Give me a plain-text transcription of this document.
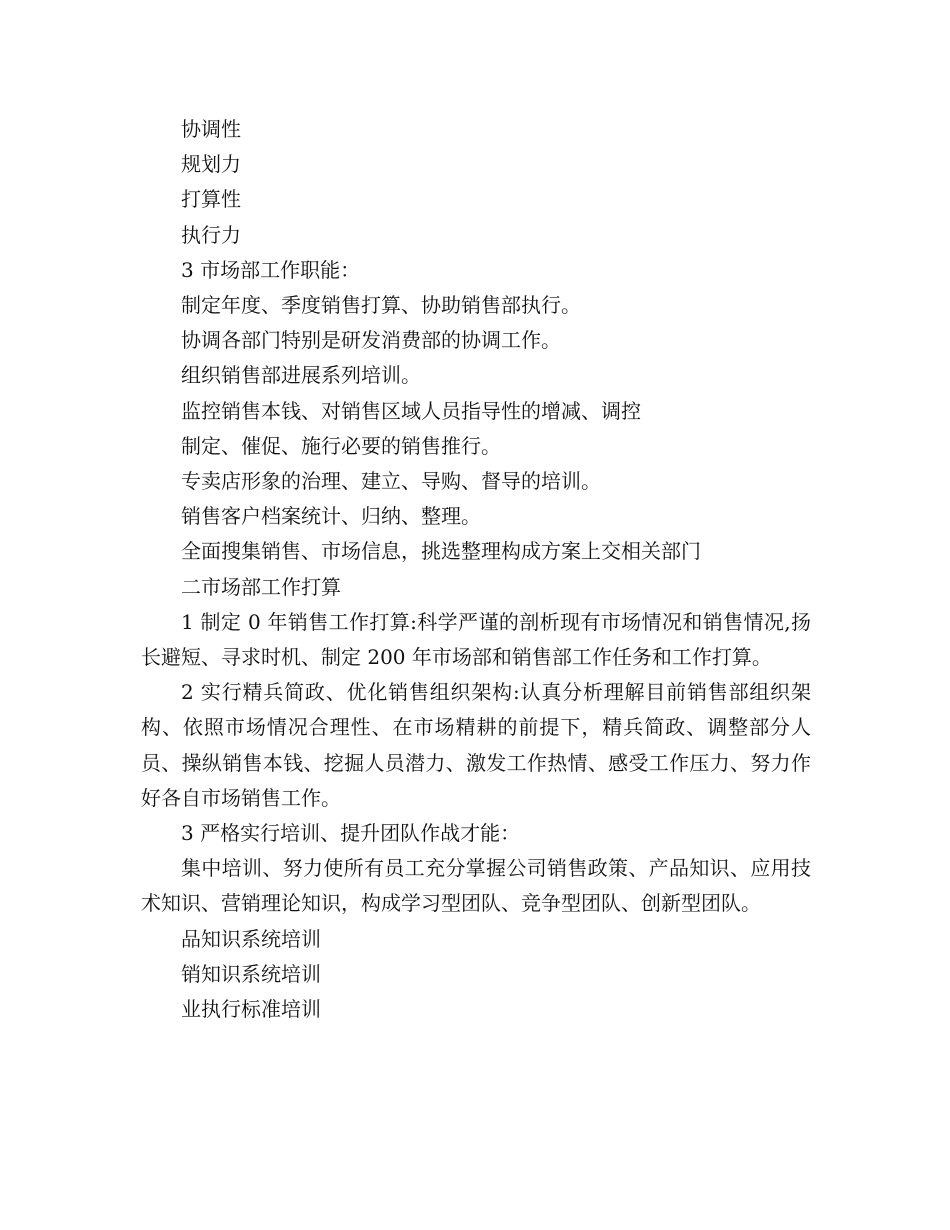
协调性

规划力

打算性

执行力

3 市场部工作职能：

制定年度、季度销售打算、协助销售部执行。

协调各部门特别是研发消费部的协调工作。

组织销售部进展系列培训。

监控销售本钱、对销售区域人员指导性的增减、调控

制定、催促、施行必要的销售推行。

专卖店形象的治理、建立、导购、督导的培训。

销售客户档案统计、归纳、整理。

全面搜集销售、市场信息，挑选整理构成方案上交相关部门

二市场部工作打算

1 制定 0 年销售工作打算:科学严谨的剖析现有市场情况和销售情况,扬长避短、寻求时机、制定 200 年市场部和销售部工作任务和工作打算。

2 实行精兵简政、优化销售组织架构:认真分析理解目前销售部组织架构、依照市场情况合理性、在市场精耕的前提下，精兵简政、调整部分人员、操纵销售本钱、挖掘人员潜力、激发工作热情、感受工作压力、努力作好各自市场销售工作。

3 严格实行培训、提升团队作战才能：

集中培训、努力使所有员工充分掌握公司销售政策、产品知识、应用技术知识、营销理论知识，构成学习型团队、竞争型团队、创新型团队。

品知识系统培训

销知识系统培训

业执行标准培训
